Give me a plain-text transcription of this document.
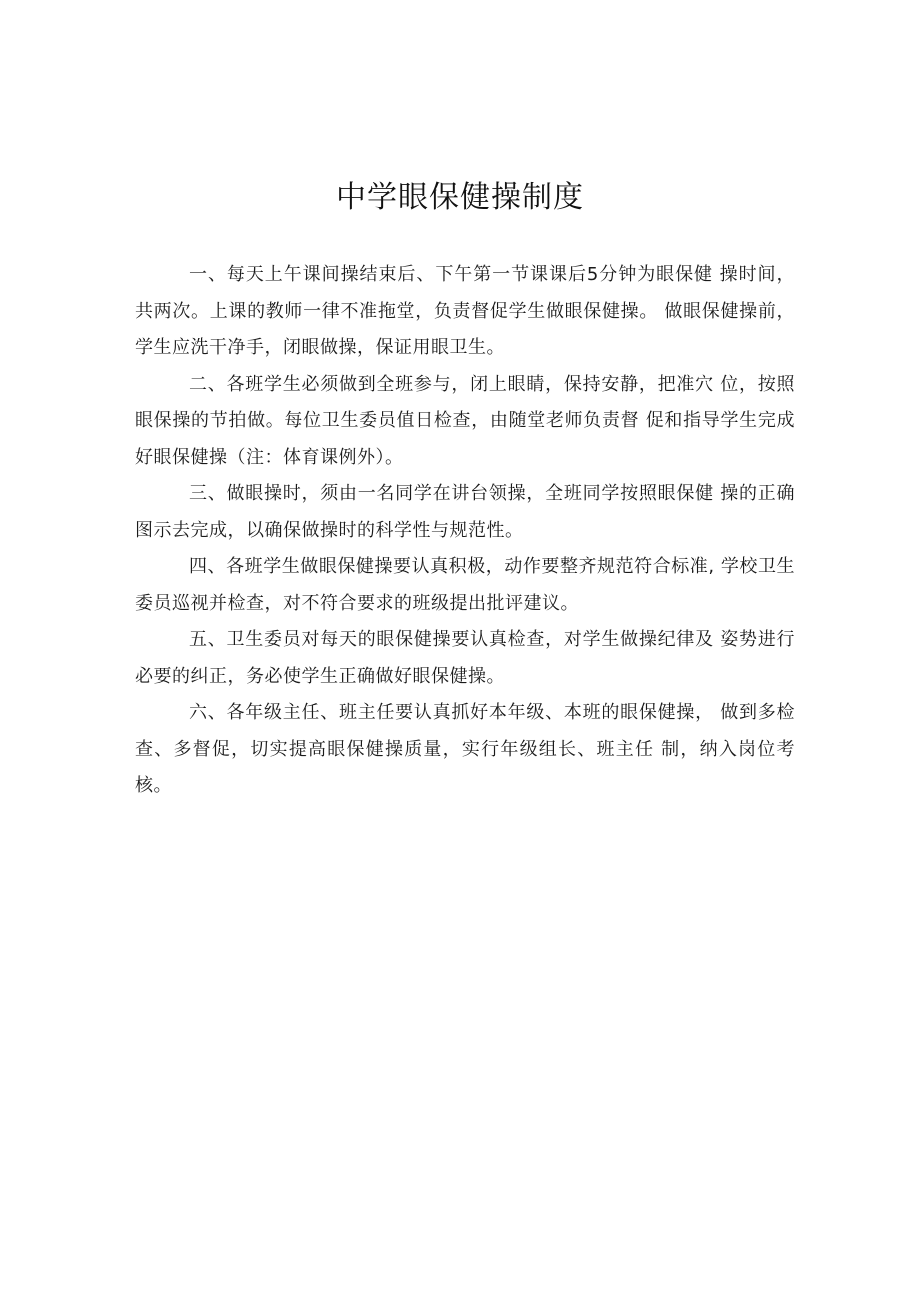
中学眼保健操制度

一、每天上午课间操结束后、下午第一节课课后5分钟为眼保健 操时间，共两次。上课的教师一律不准拖堂，负责督促学生做眼保健操。 做眼保健操前，学生应洗干净手，闭眼做操，保证用眼卫生。

二、各班学生必须做到全班参与，闭上眼睛，保持安静，把准穴 位，按照眼保操的节拍做。每位卫生委员值日检查，由随堂老师负责督 促和指导学生完成好眼保健操（注：体育课例外）。

三、做眼操时，须由一名同学在讲台领操，全班同学按照眼保健 操的正确图示去完成，以确保做操时的科学性与规范性。

四、各班学生做眼保健操要认真积极，动作要整齐规范符合标准, 学校卫生委员巡视并检查，对不符合要求的班级提出批评建议。

五、卫生委员对每天的眼保健操要认真检查，对学生做操纪律及 姿势进行必要的纠正，务必使学生正确做好眼保健操。

六、各年级主任、班主任要认真抓好本年级、本班的眼保健操， 做到多检查、多督促，切实提高眼保健操质量，实行年级组长、班主任 制，纳入岗位考核。
